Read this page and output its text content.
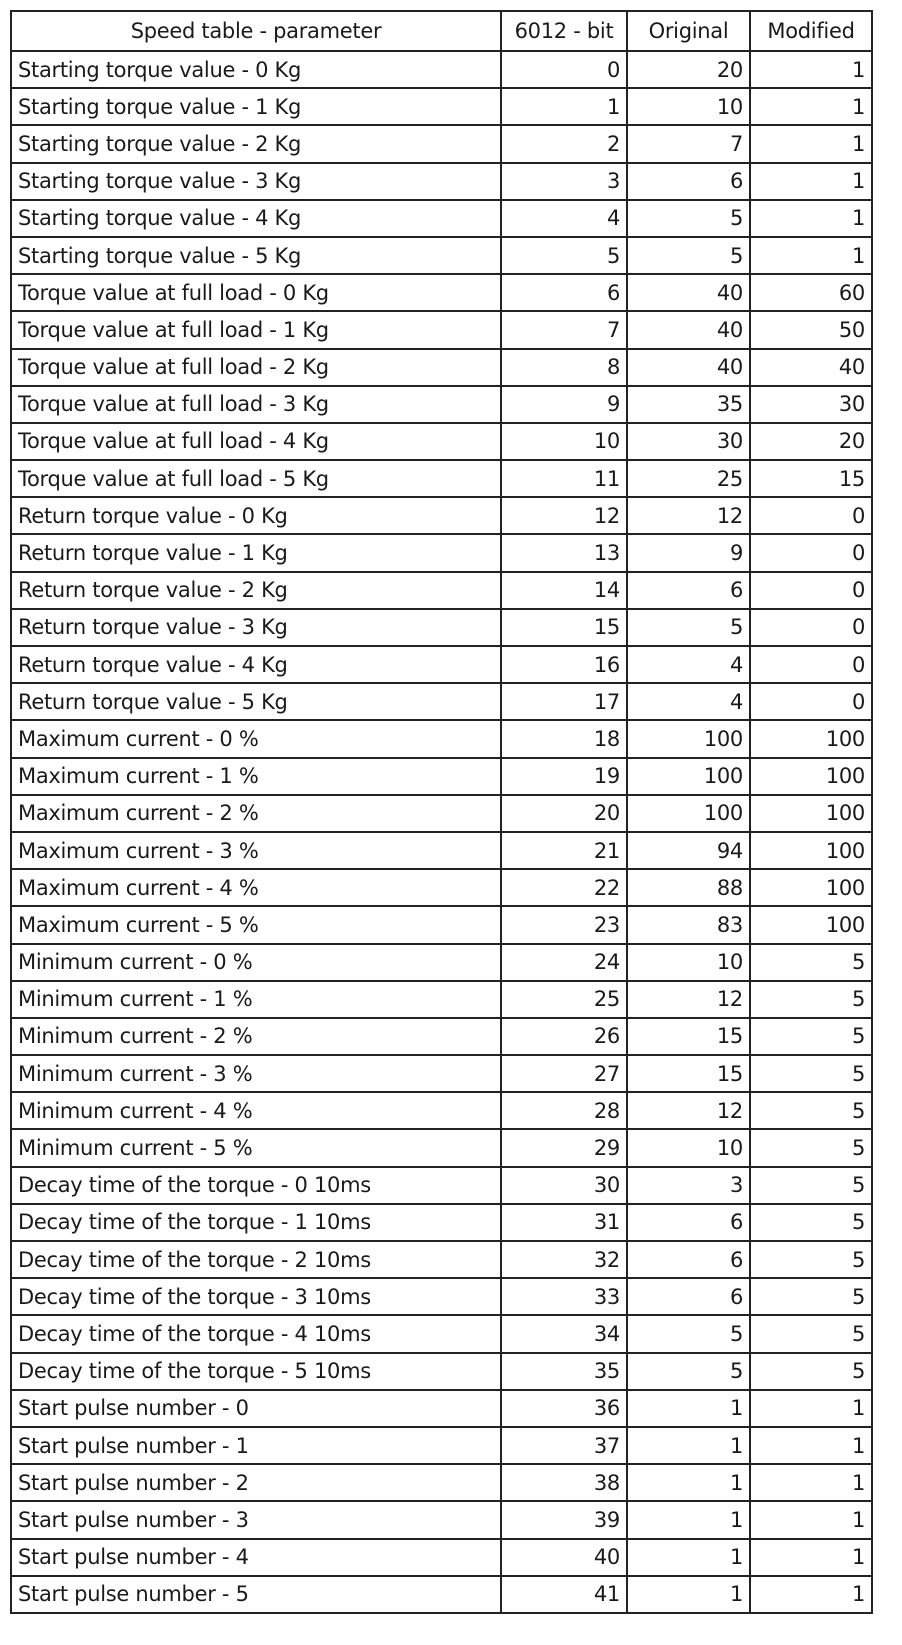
Speed table - parameter	6012 - bit	Original	Modified
Starting torque value - 0 Kg	0	20	1
Starting torque value - 1 Kg	1	10	1
Starting torque value - 2 Kg	2	7	1
Starting torque value - 3 Kg	3	6	1
Starting torque value - 4 Kg	4	5	1
Starting torque value - 5 Kg	5	5	1
Torque value at full load - 0 Kg	6	40	60
Torque value at full load - 1 Kg	7	40	50
Torque value at full load - 2 Kg	8	40	40
Torque value at full load - 3 Kg	9	35	30
Torque value at full load - 4 Kg	10	30	20
Torque value at full load - 5 Kg	11	25	15
Return torque value - 0 Kg	12	12	0
Return torque value - 1 Kg	13	9	0
Return torque value - 2 Kg	14	6	0
Return torque value - 3 Kg	15	5	0
Return torque value - 4 Kg	16	4	0
Return torque value - 5 Kg	17	4	0
Maximum current - 0 %	18	100	100
Maximum current - 1 %	19	100	100
Maximum current - 2 %	20	100	100
Maximum current - 3 %	21	94	100
Maximum current - 4 %	22	88	100
Maximum current - 5 %	23	83	100
Minimum current - 0 %	24	10	5
Minimum current - 1 %	25	12	5
Minimum current - 2 %	26	15	5
Minimum current - 3 %	27	15	5
Minimum current - 4 %	28	12	5
Minimum current - 5 %	29	10	5
Decay time of the torque - 0 10ms	30	3	5
Decay time of the torque - 1 10ms	31	6	5
Decay time of the torque - 2 10ms	32	6	5
Decay time of the torque - 3 10ms	33	6	5
Decay time of the torque - 4 10ms	34	5	5
Decay time of the torque - 5 10ms	35	5	5
Start pulse number - 0	36	1	1
Start pulse number - 1	37	1	1
Start pulse number - 2	38	1	1
Start pulse number - 3	39	1	1
Start pulse number - 4	40	1	1
Start pulse number - 5	41	1	1
